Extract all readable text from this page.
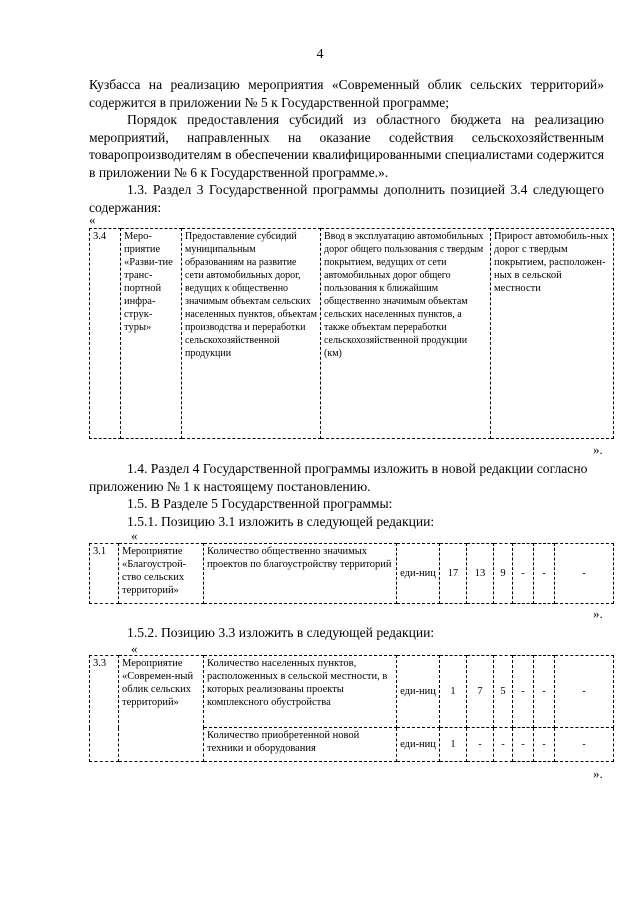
4

Кузбасса на реализацию мероприятия «Современный облик сельских территорий» содержится в приложении № 5 к Государственной программе;

Порядок предоставления субсидий из областного бюджета на реализацию мероприятий, направленных на оказание содействия сельскохозяйственным товаропроизводителям в обеспечении квалифицированными специалистами содержится в приложении № 6 к Государственной программе.».

1.3. Раздел 3 Государственной программы дополнить позицией 3.4 следующего содержания:

«
3.4	Меро-приятие «Разви-тие транс-портной инфра-струк-туры»	Предоставление субсидий муниципальным образованиям на развитие сети автомобильных дорог, ведущих к общественно значимым объектам сельских населенных пунктов, объектам производства и переработки сельскохозяйственной продукции	Ввод в эксплуатацию автомобильных дорог общего пользования с твердым покрытием, ведущих от сети автомобильных дорог общего пользования к ближайшим общественно значимым объектам сельских населенных пунктов, а также объектам переработки сельскохозяйственной продукции (км)	Прирост автомобиль-ных дорог с твердым покрытием, расположен-ных в сельской местности
».
1.4. Раздел 4 Государственной программы изложить в новой редакции согласно приложению № 1 к настоящему постановлению.
1.5. В Разделе 5 Государственной программы:
1.5.1. Позицию 3.1 изложить в следующей редакции:
«
3.1	Мероприятие «Благоустрой-ство сельских территорий»	Количество общественно значимых проектов по благоустройству территорий	еди-ниц	17	13	9	-	-	-
».
1.5.2. Позицию 3.3 изложить в следующей редакции:
«
3.3	Мероприятие «Современ-ный облик сельских территорий»	Количество населенных пунктов, расположенных в сельской местности, в которых реализованы проекты комплексного обустройства	еди-ниц	1	7	5	-	-	-
		Количество приобретенной новой техники и оборудования	еди-ниц	1	-	-	-	-	-
».
